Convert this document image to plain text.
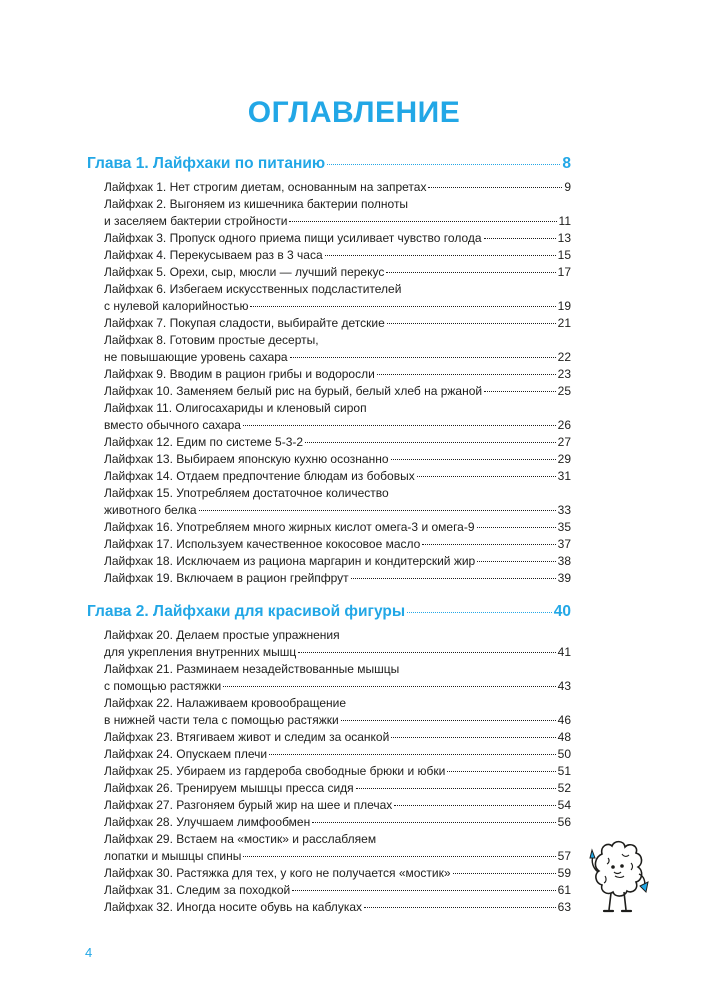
ОГЛАВЛЕНИЕ
Глава 1. Лайфхаки по питанию	8
Лайфхак 1. Нет строгим диетам, основанным на запретах	9
Лайфхак 2. Выгоняем из кишечника бактерии полноты
и заселяем бактерии стройности	11
Лайфхак 3. Пропуск одного приема пищи усиливает чувство голода	13
Лайфхак 4. Перекусываем раз в 3 часа	15
Лайфхак 5. Орехи, сыр, мюсли — лучший перекус	17
Лайфхак 6. Избегаем искусственных подсластителей
с нулевой калорийностью	19
Лайфхак 7. Покупая сладости, выбирайте детские	21
Лайфхак 8. Готовим простые десерты,
не повышающие уровень сахара	22
Лайфхак 9. Вводим в рацион грибы и водоросли	23
Лайфхак 10. Заменяем белый рис на бурый, белый хлеб на ржаной	25
Лайфхак 11. Олигосахариды и кленовый сироп
вместо обычного сахара	26
Лайфхак 12. Едим по системе 5-3-2	27
Лайфхак 13. Выбираем японскую кухню осознанно	29
Лайфхак 14. Отдаем предпочтение блюдам из бобовых	31
Лайфхак 15. Употребляем достаточное количество
животного белка	33
Лайфхак 16. Употребляем много жирных кислот омега-3 и омега-9	35
Лайфхак 17. Используем качественное кокосовое масло	37
Лайфхак 18. Исключаем из рациона маргарин и кондитерский жир	38
Лайфхак 19. Включаем в рацион грейпфрут	39
Глава 2. Лайфхаки для красивой фигуры	40
Лайфхак 20. Делаем простые упражнения
для укрепления внутренних мышц	41
Лайфхак 21. Разминаем незадействованные мышцы
с помощью растяжки	43
Лайфхак 22. Налаживаем кровообращение
в нижней части тела с помощью растяжки	46
Лайфхак 23. Втягиваем живот и следим за осанкой	48
Лайфхак 24. Опускаем плечи	50
Лайфхак 25. Убираем из гардероба свободные брюки и юбки	51
Лайфхак 26. Тренируем мышцы пресса сидя	52
Лайфхак 27. Разгоняем бурый жир на шее и плечах	54
Лайфхак 28. Улучшаем лимфообмен	56
Лайфхак 29. Встаем на «мостик» и расслабляем
лопатки и мышцы спины	57
Лайфхак 30. Растяжка для тех, у кого не получается «мостик»	59
Лайфхак 31. Следим за походкой	61
Лайфхак 32. Иногда носите обувь на каблуках	63
4
